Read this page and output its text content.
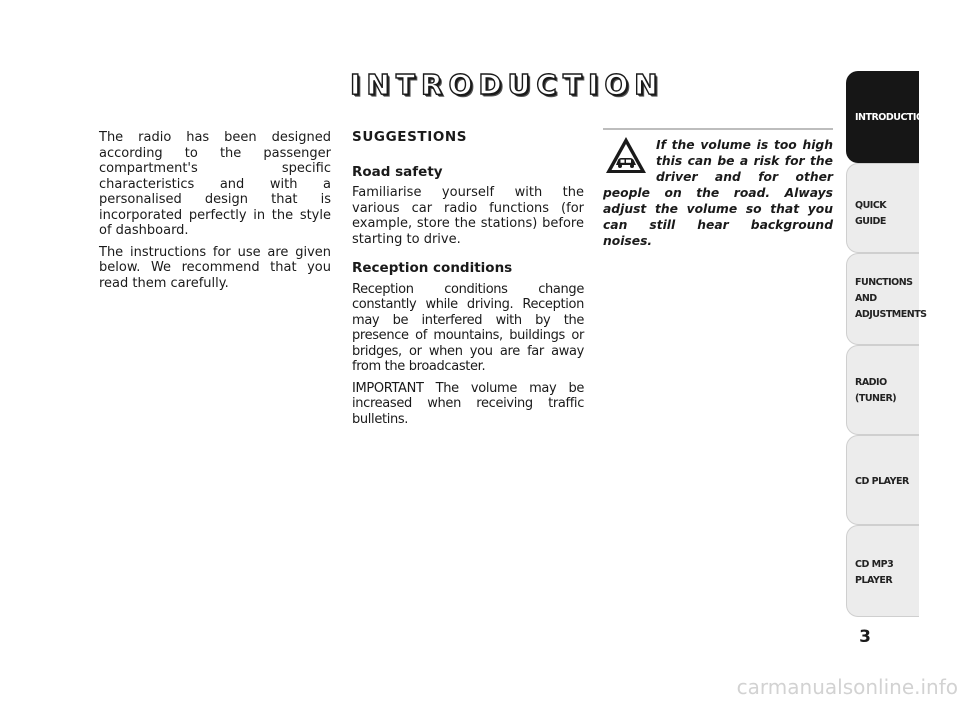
INTRODUCTION

The radio has been designed according to the passenger compartment's specific characteristics and with a personalised design that is incorporated perfectly in the style of dashboard.

The instructions for use are given below. We recommend that you read them carefully.

SUGGESTIONS
Road safety

Familiarise yourself with the various car radio functions (for example, store the stations) before starting to drive.

Reception conditions

Reception conditions change constantly while driving. Reception may be interfered with by the presence of mountains, buildings or bridges, or when you are far away from the broadcaster.

IMPORTANT The volume may be increased when receiving traffic bulletins.

If the volume is too high this can be a risk for the driver and for other people on the road. Always adjust the volume so that you can still hear background noises.
INTRODUCTION
QUICK
GUIDE
FUNCTIONS
AND
ADJUSTMENTS
RADIO
(TUNER)
CD PLAYER
CD MP3
PLAYER
3
carmanualsonline.info
